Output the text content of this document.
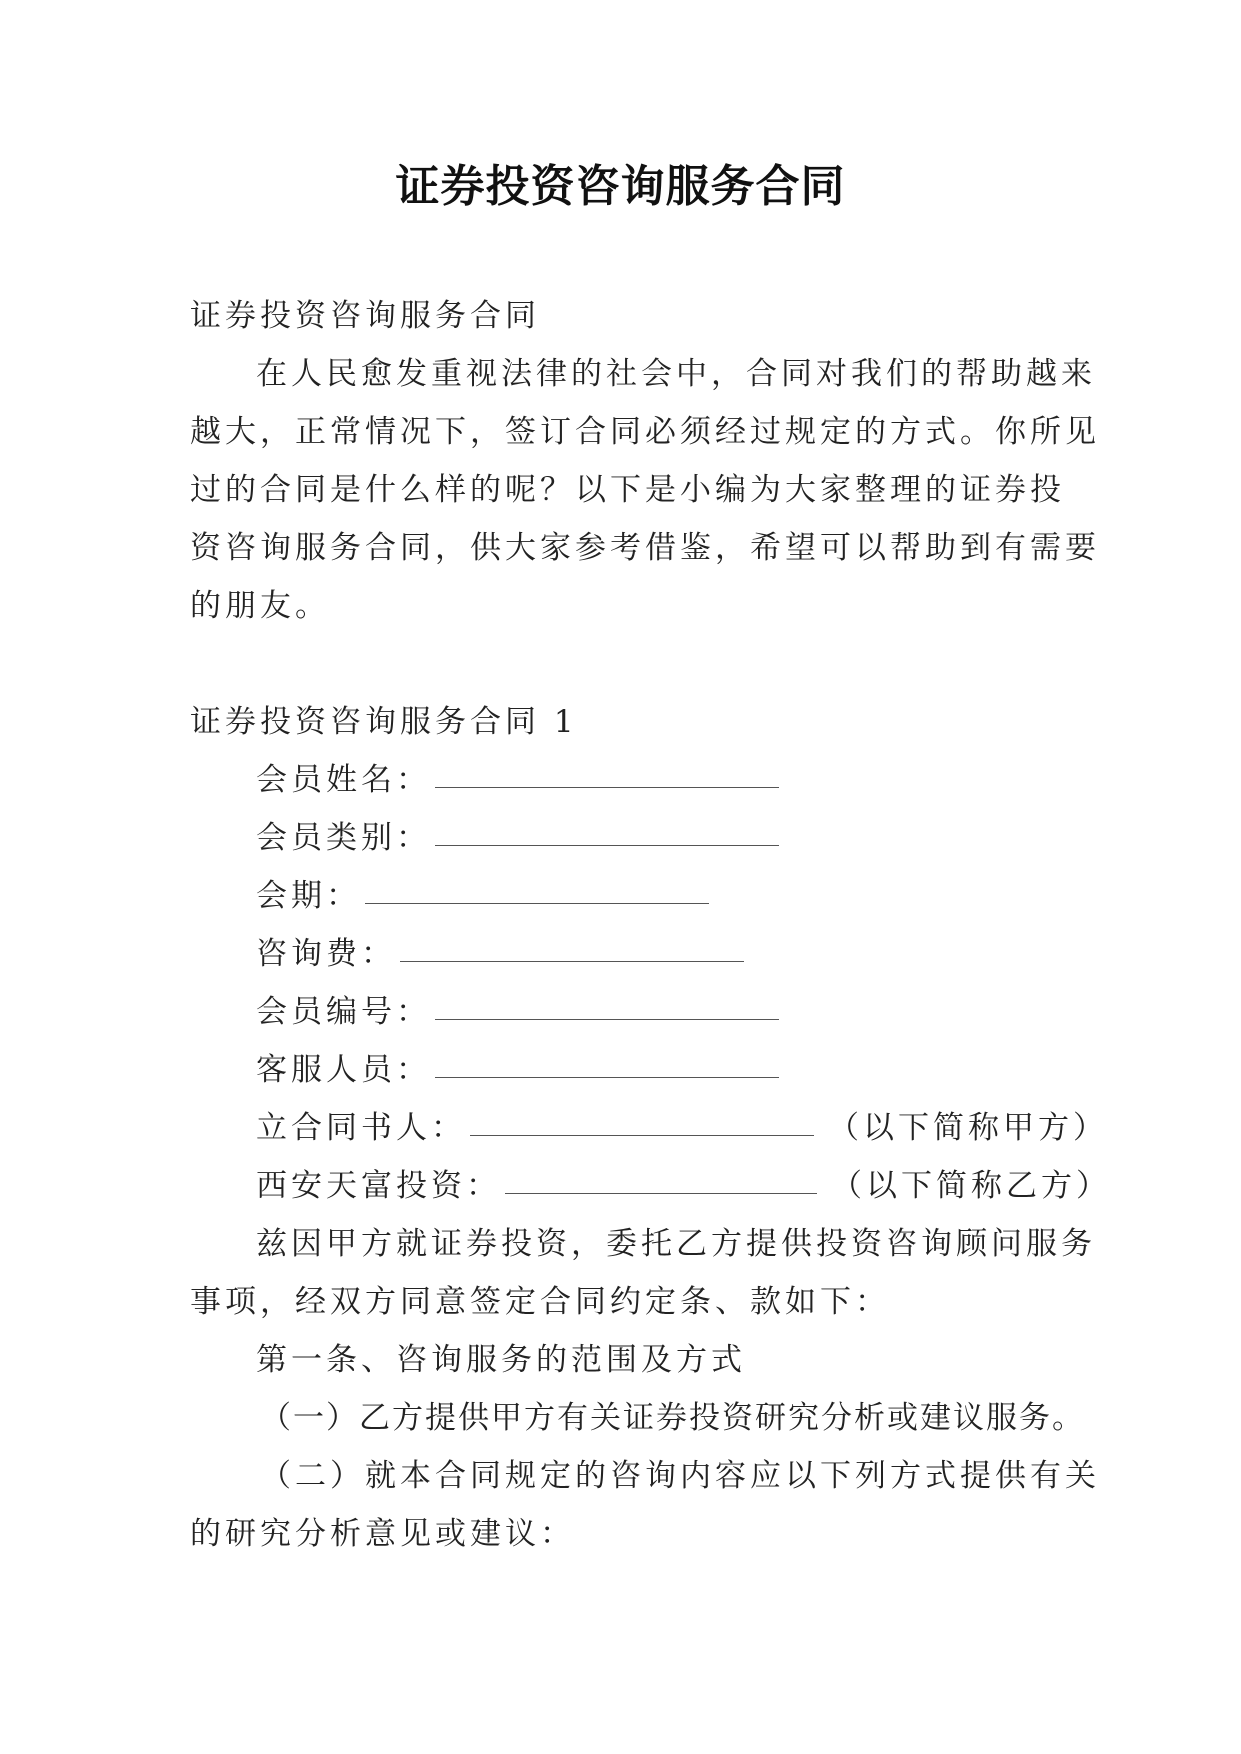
证券投资咨询服务合同
证券投资咨询服务合同
在人民愈发重视法律的社会中，合同对我们的帮助越来
越大，正常情况下，签订合同必须经过规定的方式。你所见
过的合同是什么样的呢？以下是小编为大家整理的证券投
资咨询服务合同，供大家参考借鉴，希望可以帮助到有需要
的朋友。
证券投资咨询服务合同 1
会员姓名：
会员类别：
会期：
咨询费：
会员编号：
客服人员：
立合同书人：	（以下简称甲方）
西安天富投资：	（以下简称乙方）
兹因甲方就证券投资，委托乙方提供投资咨询顾问服务
事项，经双方同意签定合同约定条、款如下：
第一条、咨询服务的范围及方式
（一）乙方提供甲方有关证券投资研究分析或建议服务。
（二）就本合同规定的咨询内容应以下列方式提供有关
的研究分析意见或建议：
